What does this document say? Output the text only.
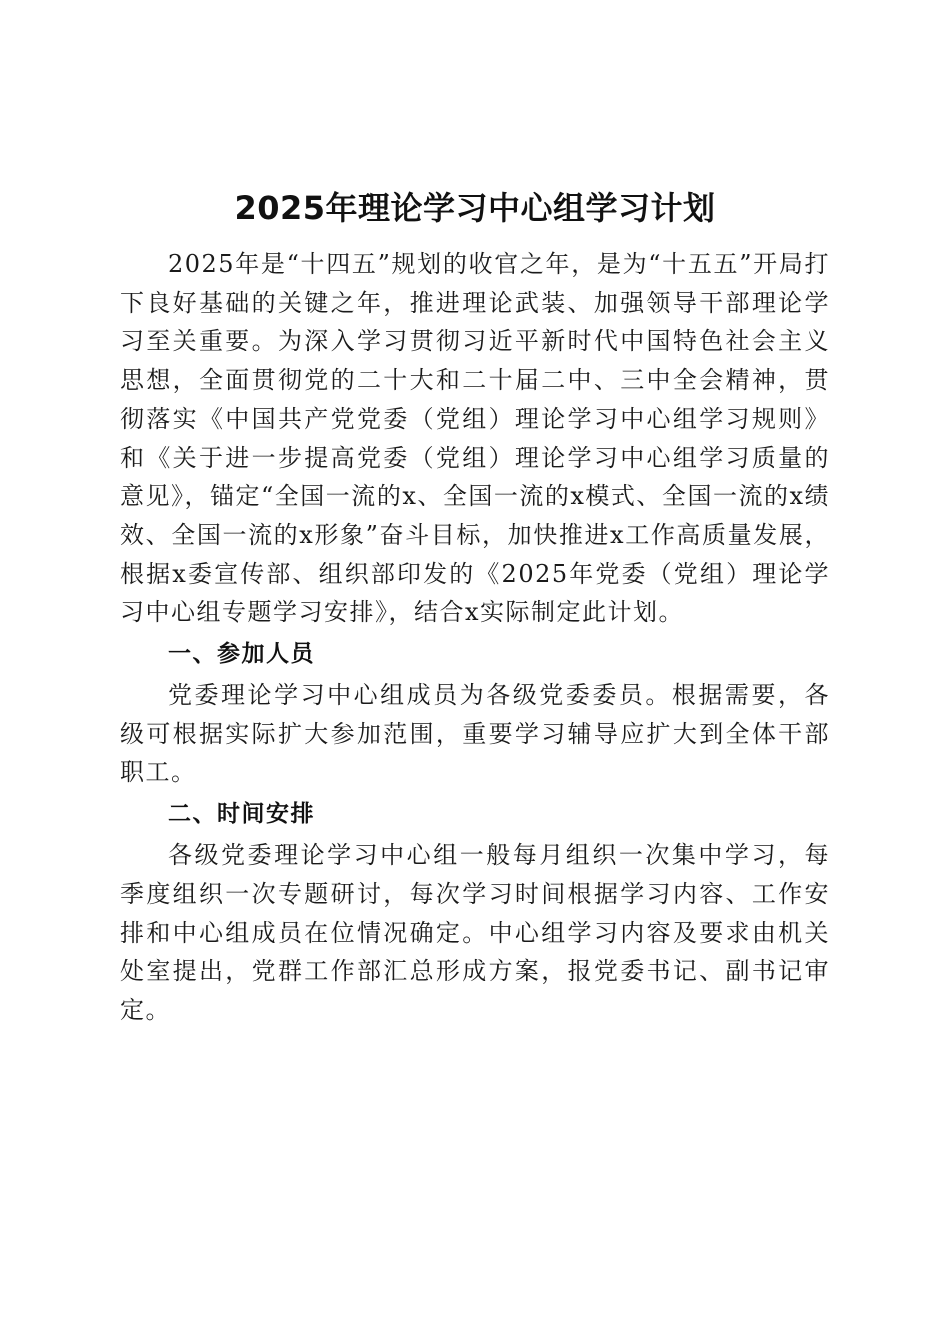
2025年理论学习中心组学习计划

2025年是“十四五”规划的收官之年，是为“十五五”开局打下良好基础的关键之年，推进理论武装、加强领导干部理论学习至关重要。为深入学习贯彻习近平新时代中国特色社会主义思想，全面贯彻党的二十大和二十届二中、三中全会精神，贯彻落实《中国共产党党委（党组）理论学习中心组学习规则》和《关于进一步提高党委（党组）理论学习中心组学习质量的意见》，锚定“全国一流的x、全国一流的x模式、全国一流的x绩效、全国一流的x形象”奋斗目标，加快推进x工作高质量发展，根据x委宣传部、组织部印发的《2025年党委（党组）理论学习中心组专题学习安排》，结合x实际制定此计划。

一、参加人员

党委理论学习中心组成员为各级党委委员。根据需要，各级可根据实际扩大参加范围，重要学习辅导应扩大到全体干部职工。

二、时间安排

各级党委理论学习中心组一般每月组织一次集中学习，每季度组织一次专题研讨，每次学习时间根据学习内容、工作安排和中心组成员在位情况确定。中心组学习内容及要求由机关处室提出，党群工作部汇总形成方案，报党委书记、副书记审定。
